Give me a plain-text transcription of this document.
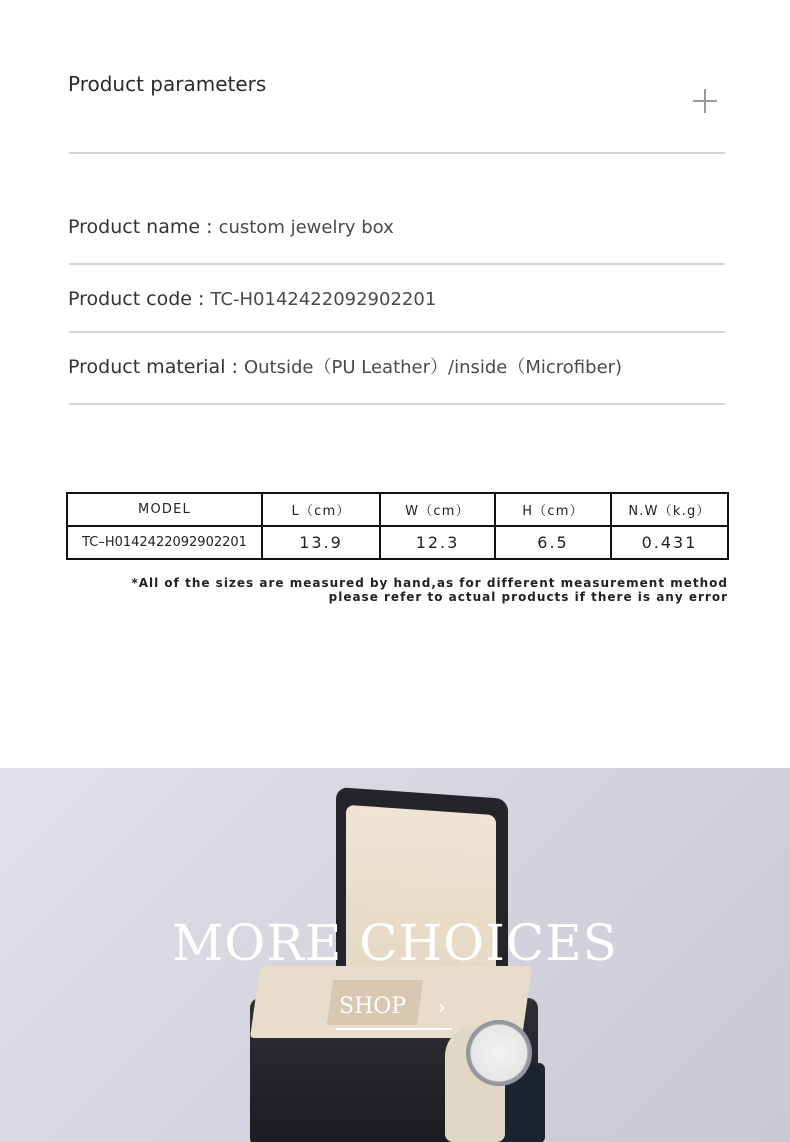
Product parameters
Product name : custom jewelry box
Product code : TC-H0142422092902201
Product material : Outside（PU Leather）/inside（Microfiber)
MODEL	L（cm）	W（cm）	H（cm）	N.W（k.g）
TC–H0142422092902201	13.9	12.3	6.5	0.431
*All of the sizes are measured by hand,as for different measurement method
please refer to actual products if there is any error
MORE CHOICES
SHOP ›
